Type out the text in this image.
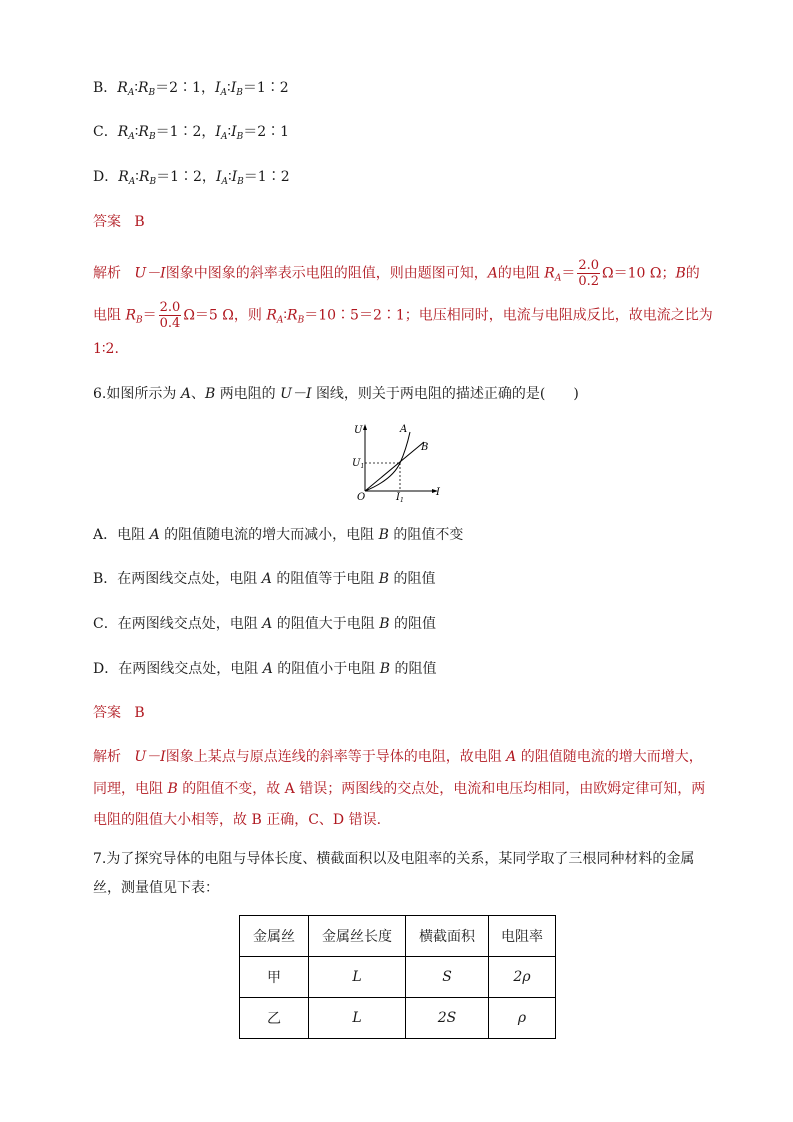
B．$R_A∶R_B=2∶1$，$I_A∶I_B=1∶2$
C．$R_A∶R_B=1∶2$，$I_A∶I_B=2∶1$
D．$R_A∶R_B=1∶2$，$I_A∶I_B=1∶2$
答案 B
解析 U－I图象中图象的斜率表示电阻的阻值，则由题图可知，A的电阻 $R_A= \frac{2.0}{0.2} \Omega=10$ Ω；B的
电阻 $R_B= \frac{2.0}{0.4} \Omega=5$ Ω，则 $R_A∶R_B=10∶5=2∶1$；电压相同时，电流与电阻成反比，故电流之比为
1∶2.
6.如图所示为 A、B 两电阻的 U－I 图线，则关于两电阻的描述正确的是(　　)
U
I
O
$U_1$
$I_1$
A
B
A．电阻 A 的阻值随电流的增大而减小，电阻 B 的阻值不变
B．在两图线交点处，电阻 A 的阻值等于电阻 B 的阻值
C．在两图线交点处，电阻 A 的阻值大于电阻 B 的阻值
D．在两图线交点处，电阻 A 的阻值小于电阻 B 的阻值
答案 B
解析 U－I图象上某点与原点连线的斜率等于导体的电阻，故电阻 A 的阻值随电流的增大而增大，
同理，电阻 B 的阻值不变，故 A 错误；两图线的交点处，电流和电压均相同，由欧姆定律可知，两
电阻的阻值大小相等，故 B 正确，C、D 错误.
7.为了探究导体的电阻与导体长度、横截面积以及电阻率的关系，某同学取了三根同种材料的金属
丝，测量值见下表：
金属丝	金属丝长度	横截面积	电阻率
甲	L	S	2ρ
乙	L	2S	ρ
